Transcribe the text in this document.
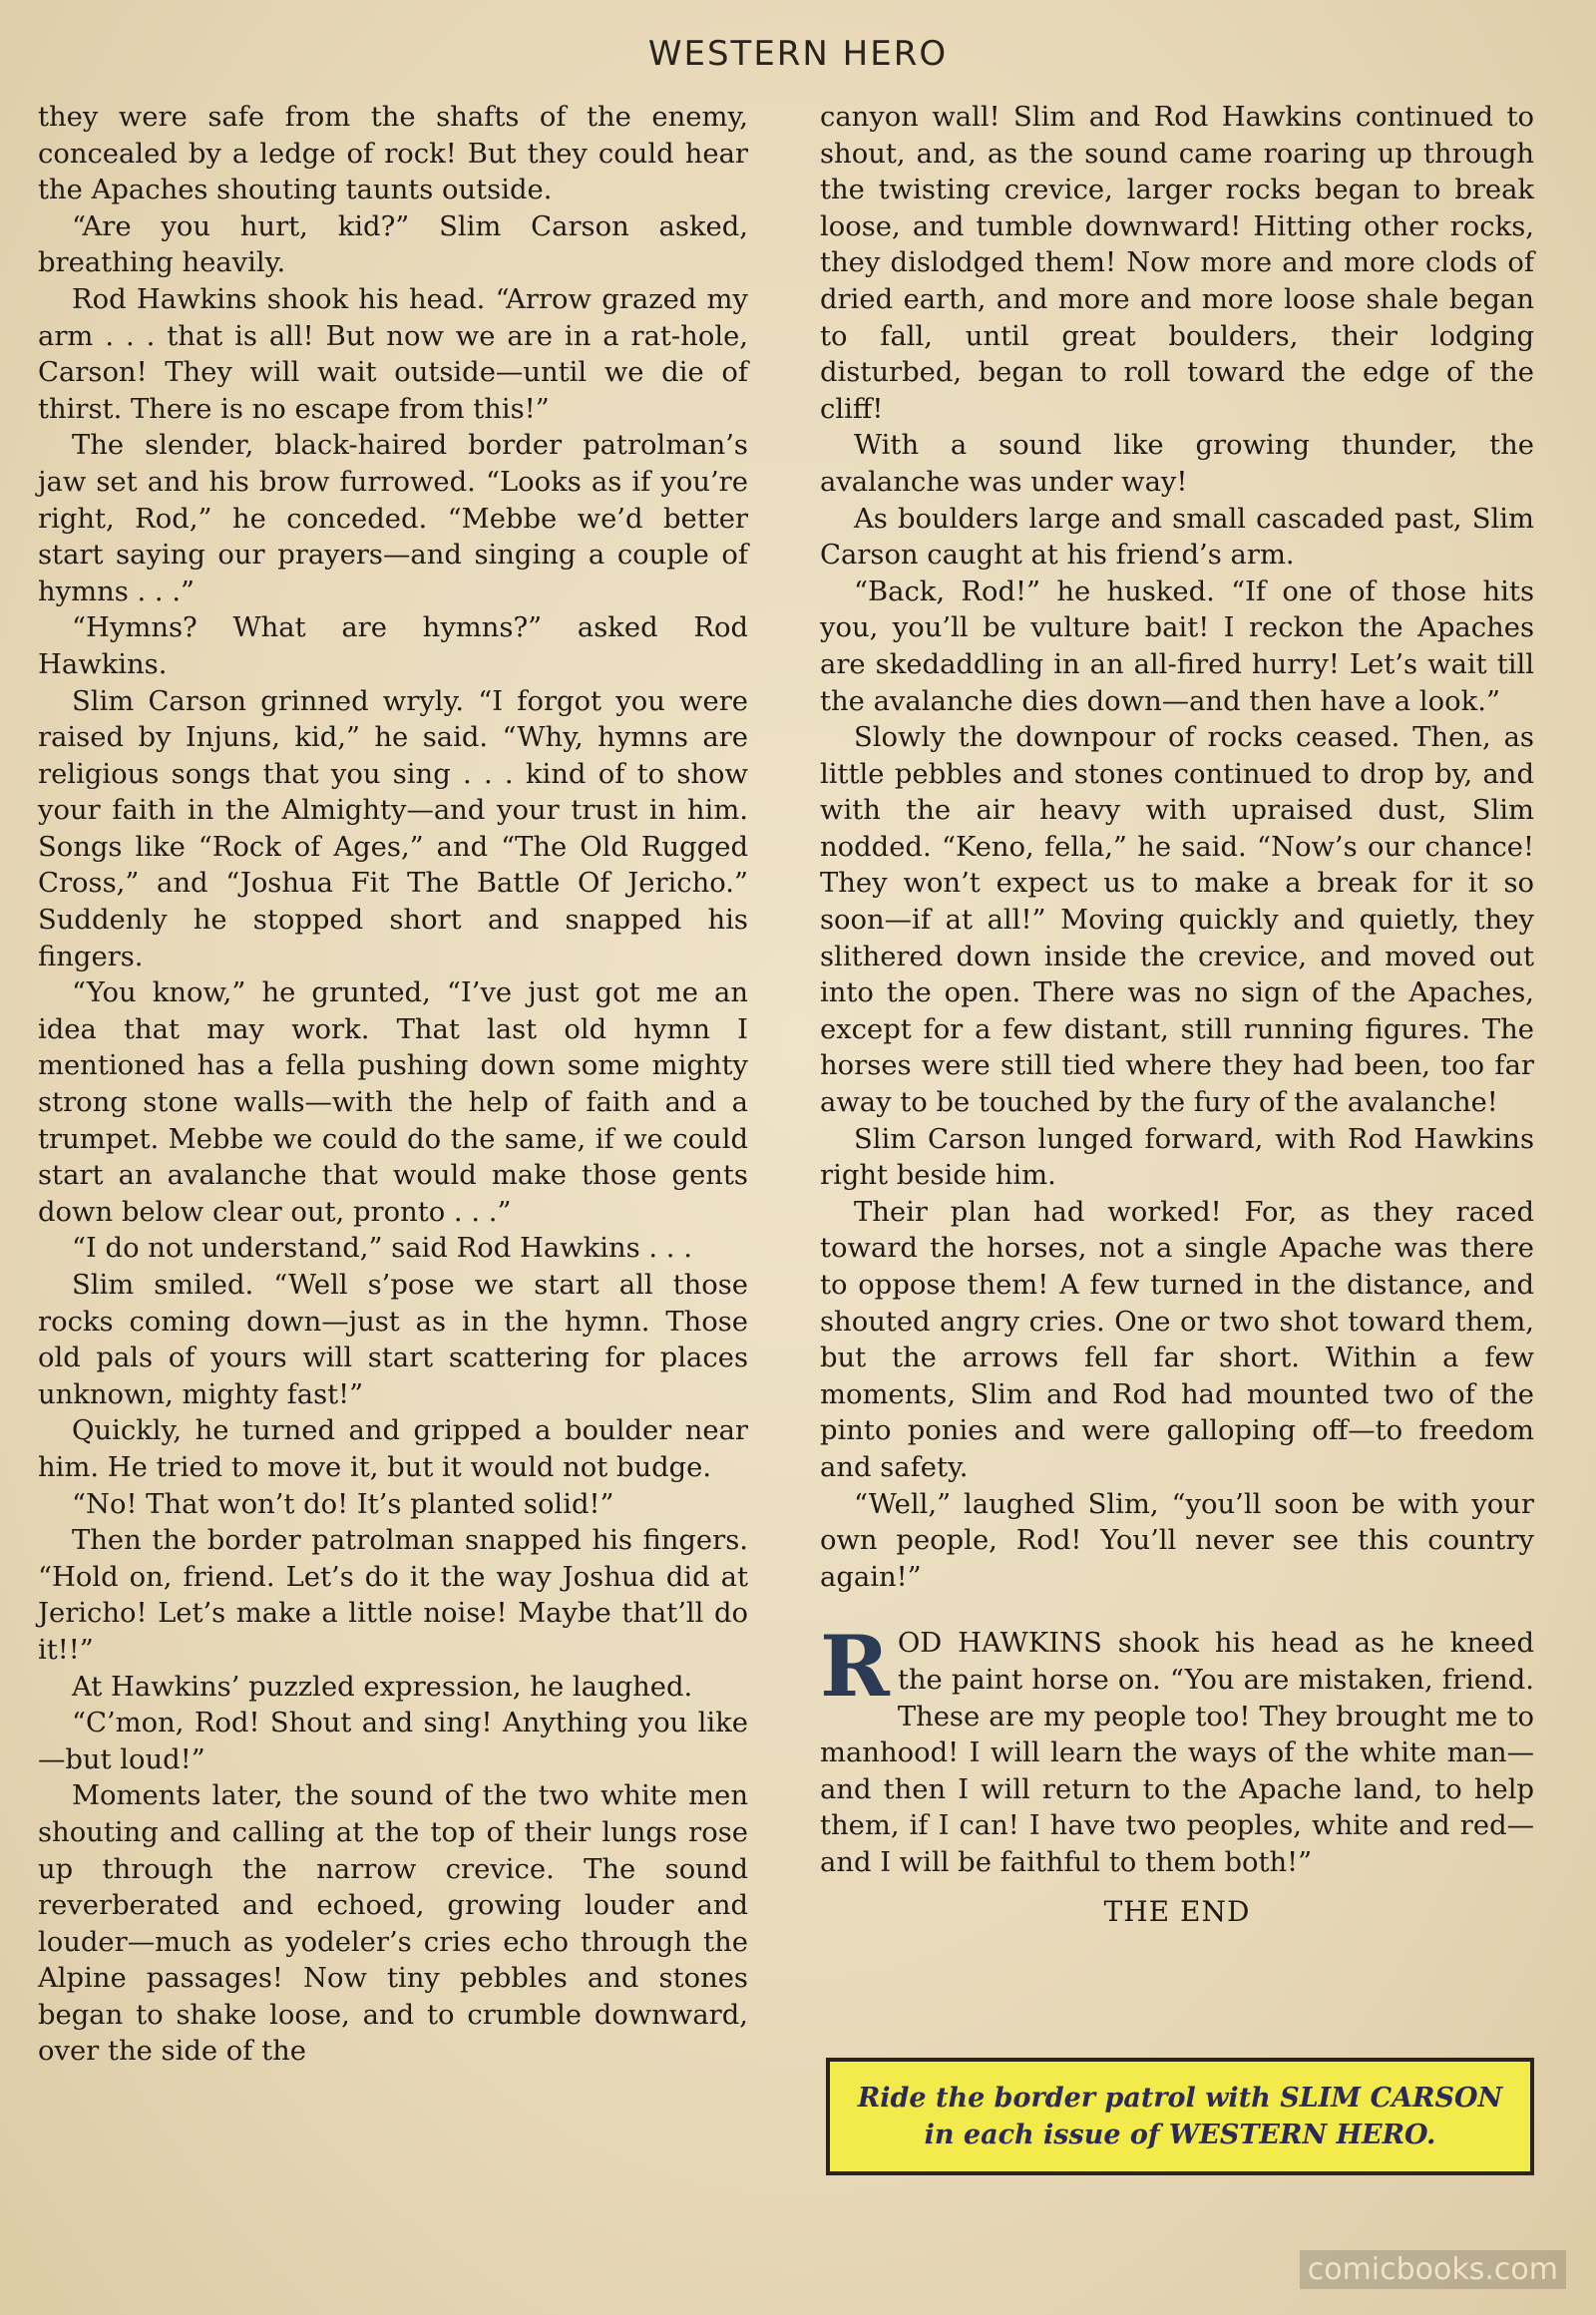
WESTERN HERO

they were safe from the shafts of the enemy, concealed by a ledge of rock! But they could hear the Apaches shouting taunts outside.

“Are you hurt, kid?” Slim Carson asked, breathing heavily.

Rod Hawkins shook his head. “Arrow grazed my arm . . . that is all! But now we are in a rat-hole, Carson! They will wait outside—until we die of thirst. There is no escape from this!”

The slender, black-haired border patrolman’s jaw set and his brow furrowed. “Looks as if you’re right, Rod,” he conceded. “Mebbe we’d better start saying our prayers—and singing a couple of hymns . . .”

“Hymns? What are hymns?” asked Rod Hawkins.

Slim Carson grinned wryly. “I forgot you were raised by Injuns, kid,” he said. “Why, hymns are religious songs that you sing . . . kind of to show your faith in the Almighty—and your trust in him. Songs like “Rock of Ages,” and “The Old Rugged Cross,” and “Joshua Fit The Battle Of Jericho.” Suddenly he stopped short and snapped his fingers.

“You know,” he grunted, “I’ve just got me an idea that may work. That last old hymn I mentioned has a fella pushing down some mighty strong stone walls—with the help of faith and a trumpet. Mebbe we could do the same, if we could start an avalanche that would make those gents down below clear out, pronto . . .”

“I do not understand,” said Rod Hawkins . . .

Slim smiled. “Well s’pose we start all those rocks coming down—just as in the hymn. Those old pals of yours will start scattering for places unknown, mighty fast!”

Quickly, he turned and gripped a boulder near him. He tried to move it, but it would not budge.

“No! That won’t do! It’s planted solid!”

Then the border patrolman snapped his fingers. “Hold on, friend. Let’s do it the way Joshua did at Jericho! Let’s make a little noise! Maybe that’ll do it!!”

At Hawkins’ puzzled expression, he laughed.

“C’mon, Rod! Shout and sing! Anything you like—but loud!”

Moments later, the sound of the two white men shouting and calling at the top of their lungs rose up through the narrow crevice. The sound reverberated and echoed, growing louder and louder—much as yodeler’s cries echo through the Alpine passages! Now tiny pebbles and stones began to shake loose, and to crumble downward, over the side of the

canyon wall! Slim and Rod Hawkins continued to shout, and, as the sound came roaring up through the twisting crevice, larger rocks began to break loose, and tumble downward! Hitting other rocks, they dislodged them! Now more and more clods of dried earth, and more and more loose shale began to fall, until great boulders, their lodging disturbed, began to roll toward the edge of the cliff!

With a sound like growing thunder, the avalanche was under way!

As boulders large and small cascaded past, Slim Carson caught at his friend’s arm.

“Back, Rod!” he husked. “If one of those hits you, you’ll be vulture bait! I reckon the Apaches are skedaddling in an all-fired hurry! Let’s wait till the avalanche dies down—and then have a look.”

Slowly the downpour of rocks ceased. Then, as little pebbles and stones continued to drop by, and with the air heavy with upraised dust, Slim nodded. “Keno, fella,” he said. “Now’s our chance! They won’t expect us to make a break for it so soon—if at all!” Moving quickly and quietly, they slithered down inside the crevice, and moved out into the open. There was no sign of the Apaches, except for a few distant, still running figures. The horses were still tied where they had been, too far away to be touched by the fury of the avalanche!

Slim Carson lunged forward, with Rod Hawkins right beside him.

Their plan had worked! For, as they raced toward the horses, not a single Apache was there to oppose them! A few turned in the distance, and shouted angry cries. One or two shot toward them, but the arrows fell far short. Within a few moments, Slim and Rod had mounted two of the pinto ponies and were galloping off—to freedom and safety.

“Well,” laughed Slim, “you’ll soon be with your own people, Rod! You’ll never see this country again!”

ROD HAWKINS shook his head as he kneed the paint horse on. “You are mistaken, friend. These are my people too! They brought me to manhood! I will learn the ways of the white man—and then I will return to the Apache land, to help them, if I can! I have two peoples, white and red—and I will be faithful to them both!”

THE END
Ride the border patrol with SLIM CARSON in each issue of WESTERN HERO.
comicbooks.com
